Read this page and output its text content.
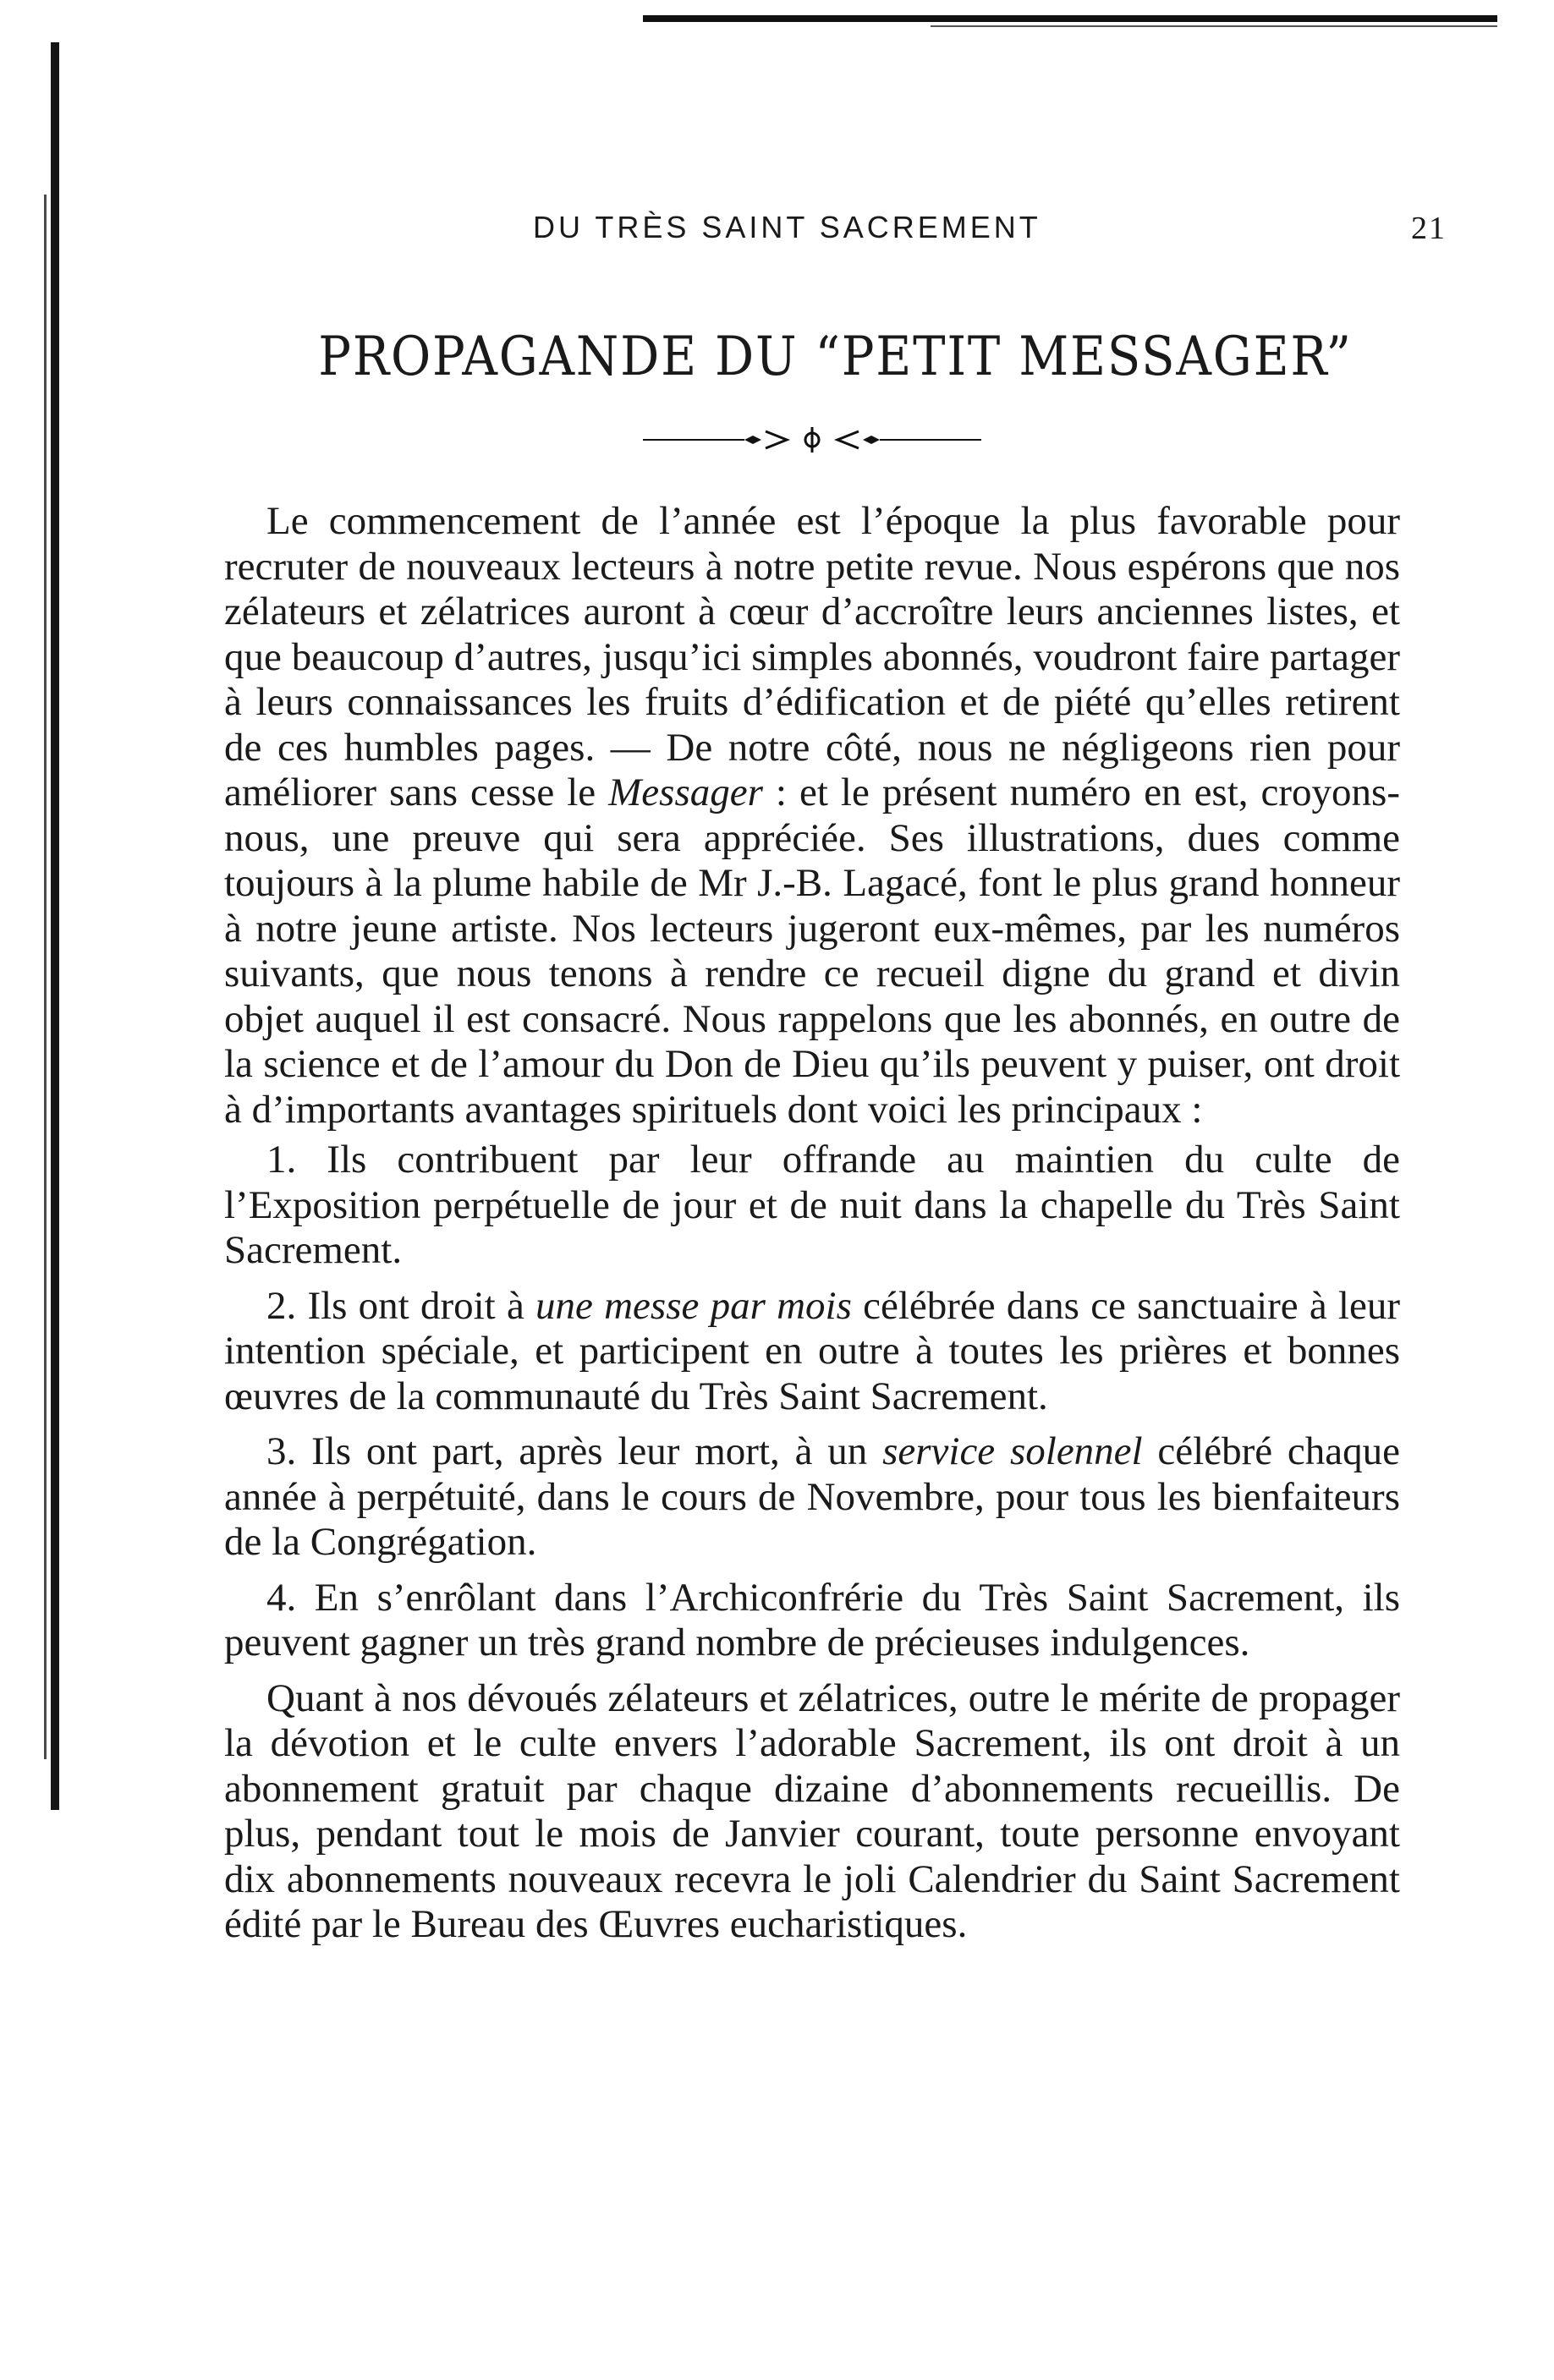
DU TRÈS SAINT SACREMENT	21
PROPAGANDE DU “PETIT MESSAGER”

Le commencement de l’année est l’époque la plus favorable pour recruter de nouveaux lecteurs à notre petite revue. Nous espérons que nos zélateurs et zélatrices auront à cœur d’accroître leurs anciennes listes, et que beaucoup d’autres, jusqu’ici simples abonnés, voudront faire partager à leurs connaissances les fruits d’édification et de piété qu’elles retirent de ces humbles pages. — De notre côté, nous ne négligeons rien pour améliorer sans cesse le Messager : et le présent numéro en est, croyons-nous, une preuve qui sera appréciée. Ses illustrations, dues comme toujours à la plume habile de Mr J.-B. Lagacé, font le plus grand honneur à notre jeune artiste. Nos lecteurs jugeront eux-mêmes, par les numéros suivants, que nous tenons à rendre ce recueil digne du grand et divin objet auquel il est consacré. Nous rappelons que les abonnés, en outre de la science et de l’amour du Don de Dieu qu’ils peuvent y puiser, ont droit à d’importants avantages spirituels dont voici les principaux :

1. Ils contribuent par leur offrande au maintien du culte de l’Exposition perpétuelle de jour et de nuit dans la chapelle du Très Saint Sacrement.

2. Ils ont droit à une messe par mois célébrée dans ce sanctuaire à leur intention spéciale, et participent en outre à toutes les prières et bonnes œuvres de la communauté du Très Saint Sacrement.

3. Ils ont part, après leur mort, à un service solennel célébré chaque année à perpétuité, dans le cours de Novembre, pour tous les bienfaiteurs de la Congrégation.

4. En s’enrôlant dans l’Archiconfrérie du Très Saint Sacrement, ils peuvent gagner un très grand nombre de précieuses indulgences.

Quant à nos dévoués zélateurs et zélatrices, outre le mérite de propager la dévotion et le culte envers l’adorable Sacrement, ils ont droit à un abonnement gratuit par chaque dizaine d’abonnements recueillis. De plus, pendant tout le mois de Janvier courant, toute personne envoyant dix abonnements nouveaux recevra le joli Calendrier du Saint Sacrement édité par le Bureau des Œuvres eucharistiques.
